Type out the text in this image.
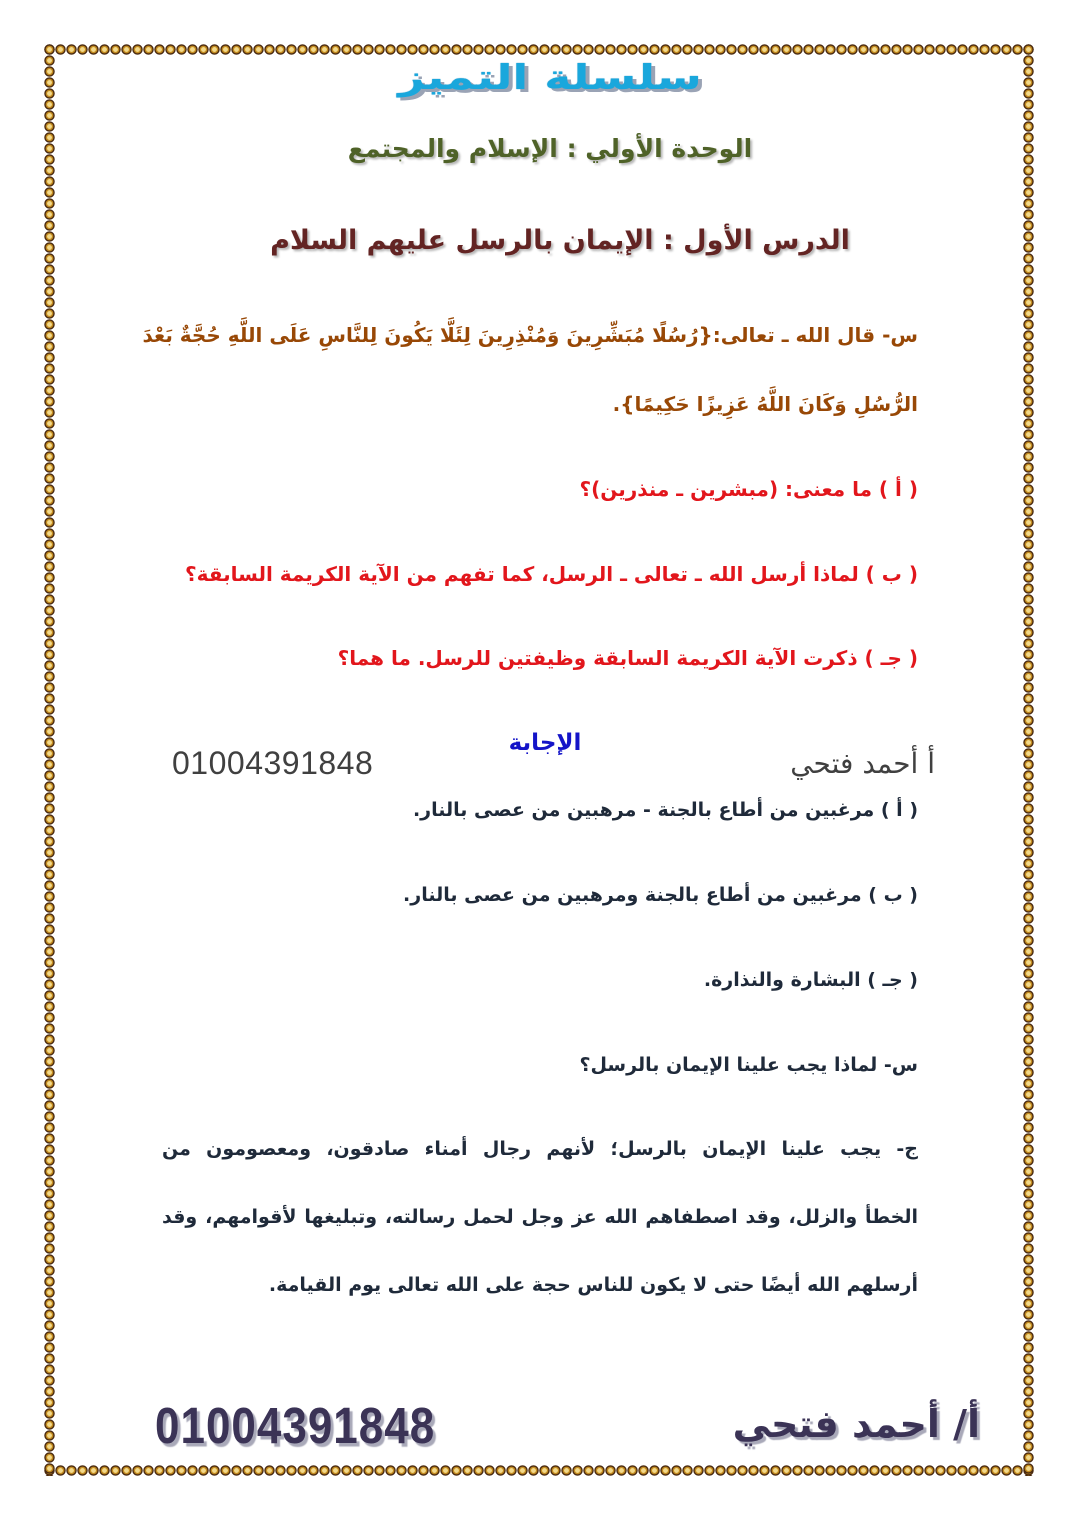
سلسلة التميز
الوحدة الأولي : الإسلام والمجتمع
الدرس الأول : الإيمان بالرسل عليهم السلام
س- قال الله ـ تعالى:{رُسُلًا مُبَشِّرِينَ وَمُنْذِرِينَ لِئَلَّا يَكُونَ لِلنَّاسِ عَلَى اللَّهِ حُجَّةٌ بَعْدَ
الرُّسُلِ وَكَانَ اللَّهُ عَزِيزًا حَكِيمًا}.
( أ ) ما معنى: (مبشرين ـ منذرين)؟
( ب ) لماذا أرسل الله ـ تعالى ـ الرسل، كما تفهم من الآية الكريمة السابقة؟
( جـ ) ذكرت الآية الكريمة السابقة وظيفتين للرسل. ما هما؟
الإجابة
أ أحمد فتحي
01004391848
( أ ) مرغبين من أطاع بالجنة - مرهبين من عصى بالنار.
( ب ) مرغبين من أطاع بالجنة ومرهبين من عصى بالنار.
( جـ ) البشارة والنذارة.
س- لماذا يجب علينا الإيمان بالرسل؟
ج- يجب علينا الإيمان بالرسل؛ لأنهم رجال أمناء صادقون، ومعصومون من
الخطأ والزلل، وقد اصطفاهم الله عز وجل لحمل رسالته، وتبليغها لأقوامهم، وقد
أرسلهم الله أيضًا حتى لا يكون للناس حجة على الله تعالى يوم القيامة.
أ/ أحمد فتحي
01004391848
